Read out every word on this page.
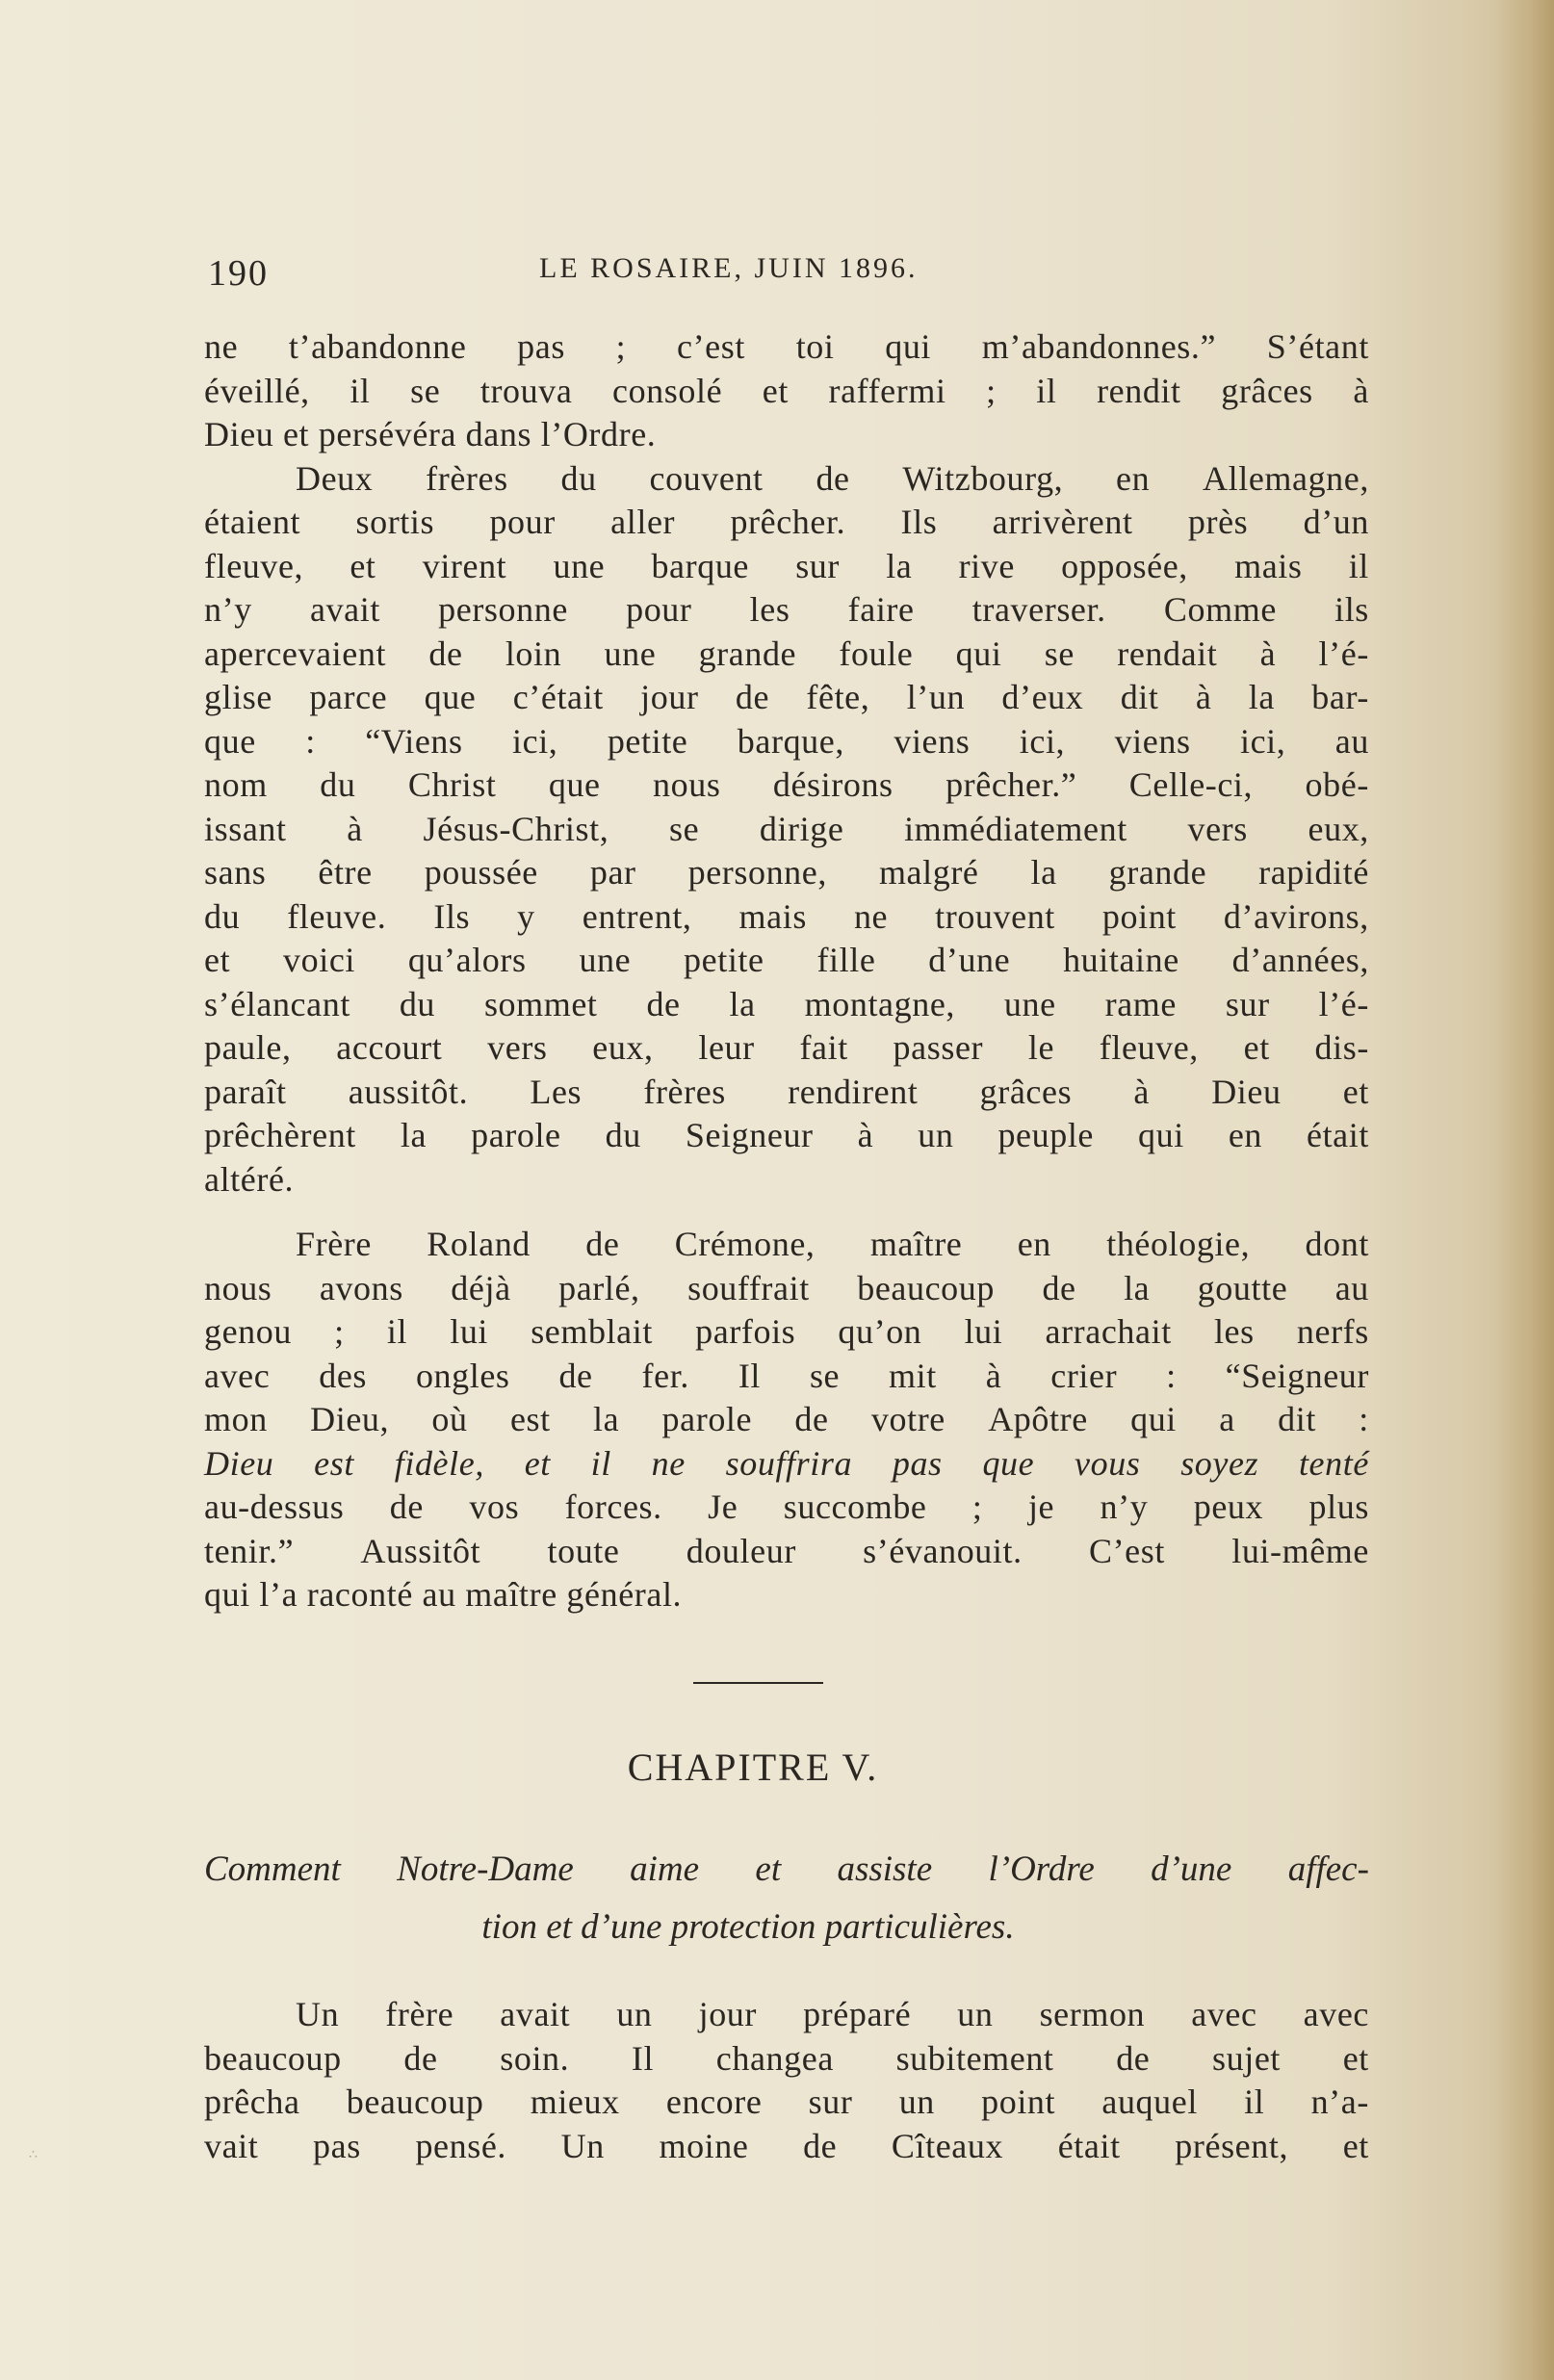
190	LE ROSAIRE, JUIN 1896.
ne t’abandonne pas ; c’est toi qui m’abandonnes.” S’étant
éveillé, il se trouva consolé et raffermi ; il rendit grâces à
Dieu et persévéra dans l’Ordre.
Deux frères du couvent de Witzbourg, en Allemagne,
étaient sortis pour aller prêcher. Ils arrivèrent près d’un
fleuve, et virent une barque sur la rive opposée, mais il
n’y avait personne pour les faire traverser. Comme ils
apercevaient de loin une grande foule qui se rendait à l’é-
glise parce que c’était jour de fête, l’un d’eux dit à la bar-
que : “Viens ici, petite barque, viens ici, viens ici, au
nom du Christ que nous désirons prêcher.” Celle-ci, obé-
issant à Jésus-Christ, se dirige immédiatement vers eux,
sans être poussée par personne, malgré la grande rapidité
du fleuve. Ils y entrent, mais ne trouvent point d’avirons,
et voici qu’alors une petite fille d’une huitaine d’années,
s’élancant du sommet de la montagne, une rame sur l’é-
paule, accourt vers eux, leur fait passer le fleuve, et dis-
paraît aussitôt. Les frères rendirent grâces à Dieu et
prêchèrent la parole du Seigneur à un peuple qui en était
altéré.
Frère Roland de Crémone, maître en théologie, dont
nous avons déjà parlé, souffrait beaucoup de la goutte au
genou ; il lui semblait parfois qu’on lui arrachait les nerfs
avec des ongles de fer. Il se mit à crier : “Seigneur
mon Dieu, où est la parole de votre Apôtre qui a dit :
Dieu est fidèle, et il ne souffrira pas que vous soyez tenté
au-dessus de vos forces. Je succombe ; je n’y peux plus
tenir.” Aussitôt toute douleur s’évanouit. C’est lui-même
qui l’a raconté au maître général.
CHAPITRE V.
Comment Notre-Dame aime et assiste l’Ordre d’une affec-
tion et d’une protection particulières.
Un frère avait un jour préparé un sermon avec avec
beaucoup de soin. Il changea subitement de sujet et
prêcha beaucoup mieux encore sur un point auquel il n’a-
vait pas pensé. Un moine de Cîteaux était présent, et
∴
